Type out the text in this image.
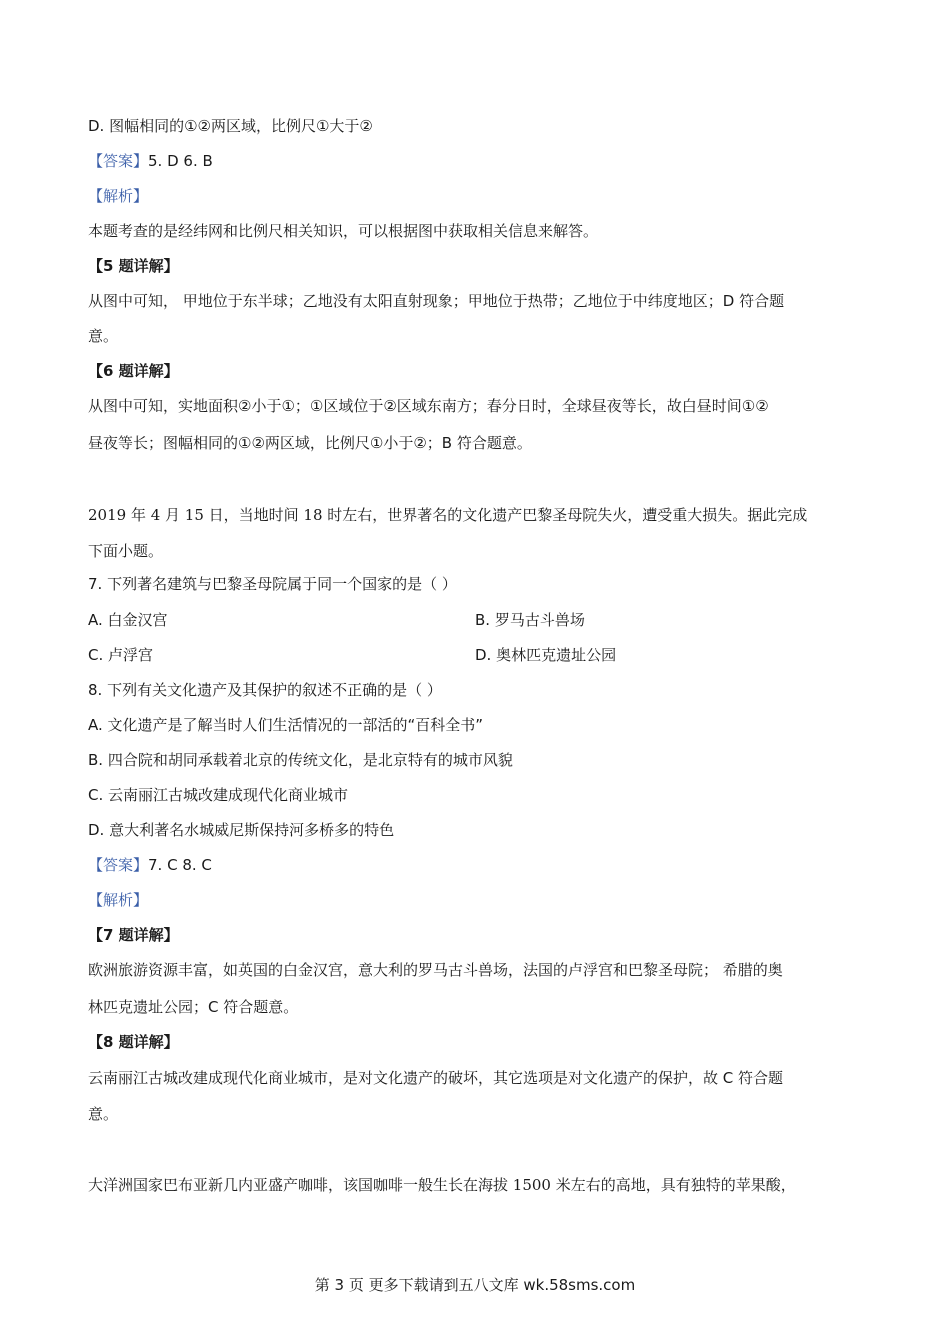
D. 图幅相同的①②两区域，比例尺①大于②
【答案】5. D 6. B
【解析】
本题考查的是经纬网和比例尺相关知识，可以根据图中获取相关信息来解答。
【5 题详解】
从图中可知， 甲地位于东半球；乙地没有太阳直射现象；甲地位于热带；乙地位于中纬度地区；D 符合题
意。
【6 题详解】
从图中可知，实地面积②小于①；①区域位于②区域东南方；春分日时，全球昼夜等长，故白昼时间①②
昼夜等长；图幅相同的①②两区域，比例尺①小于②；B 符合题意。
2019 年 4 月 15 日，当地时间 18 时左右，世界著名的文化遗产巴黎圣母院失火，遭受重大损失。据此完成
下面小题。
7. 下列著名建筑与巴黎圣母院属于同一个国家的是（ ）
A. 白金汉宫	B. 罗马古斗兽场
C. 卢浮宫	D. 奥林匹克遗址公园
8. 下列有关文化遗产及其保护的叙述不正确的是（ ）
A. 文化遗产是了解当时人们生活情况的一部活的“百科全书”
B. 四合院和胡同承载着北京的传统文化，是北京特有的城市风貌
C. 云南丽江古城改建成现代化商业城市
D. 意大利著名水城威尼斯保持河多桥多的特色
【答案】7. C 8. C
【解析】
【7 题详解】
欧洲旅游资源丰富，如英国的白金汉宫，意大利的罗马古斗兽场，法国的卢浮宫和巴黎圣母院； 希腊的奥
林匹克遗址公园；C 符合题意。
【8 题详解】
云南丽江古城改建成现代化商业城市，是对文化遗产的破坏，其它选项是对文化遗产的保护，故 C 符合题
意。
大洋洲国家巴布亚新几内亚盛产咖啡，该国咖啡一般生长在海拔 1500 米左右的高地，具有独特的苹果酸，
第 3 页 更多下载请到五八文库 wk.58sms.com
